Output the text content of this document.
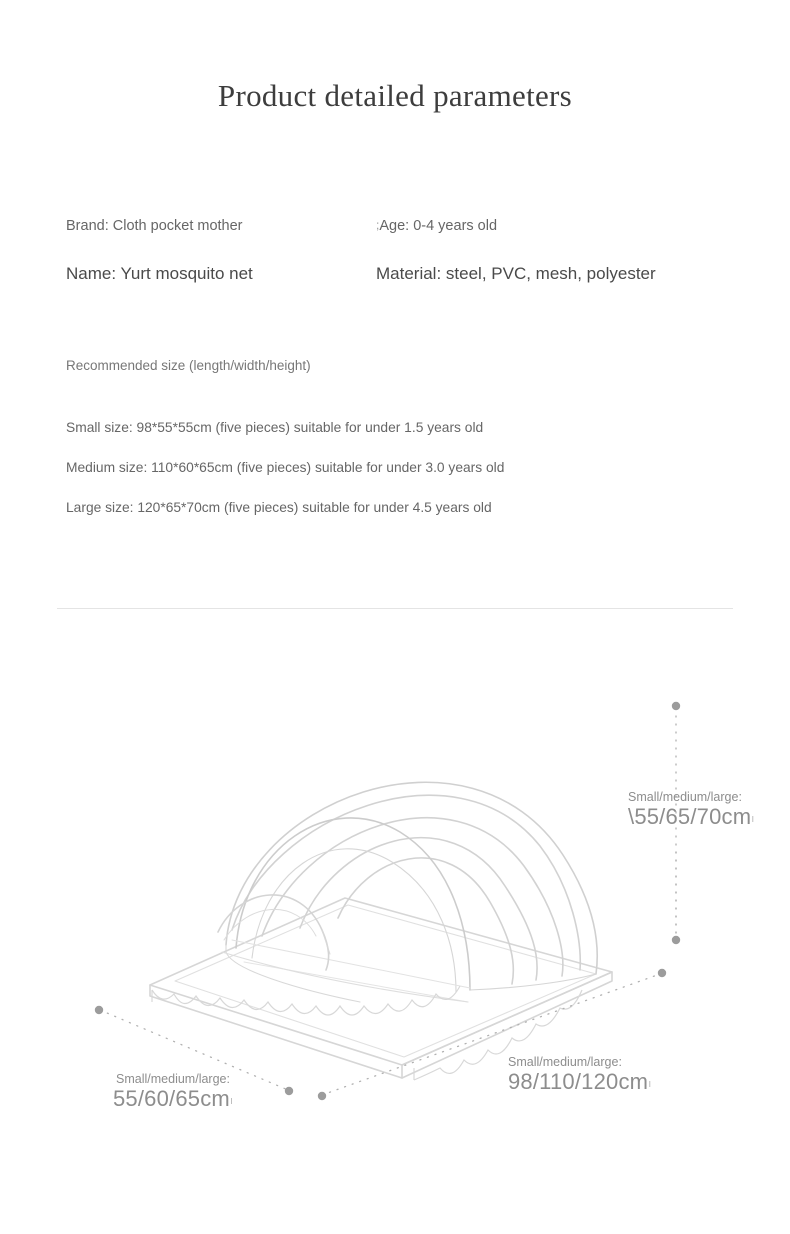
Product detailed parameters
Brand: Cloth pocket mother	;Age: 0-4 years old
Name: Yurt mosquito net	Material: steel, PVC, mesh, polyester
Recommended size (length/width/height)
Small size: 98*55*55cm (five pieces) suitable for under 1.5 years old
Medium size: 110*60*65cm (five pieces) suitable for under 3.0 years old
Large size: 120*65*70cm (five pieces) suitable for under 4.5 years old
Small/medium/large:
\55/65/70cmı
Small/medium/large:
98/110/120cmı
Small/medium/large:
55/60/65cmı
